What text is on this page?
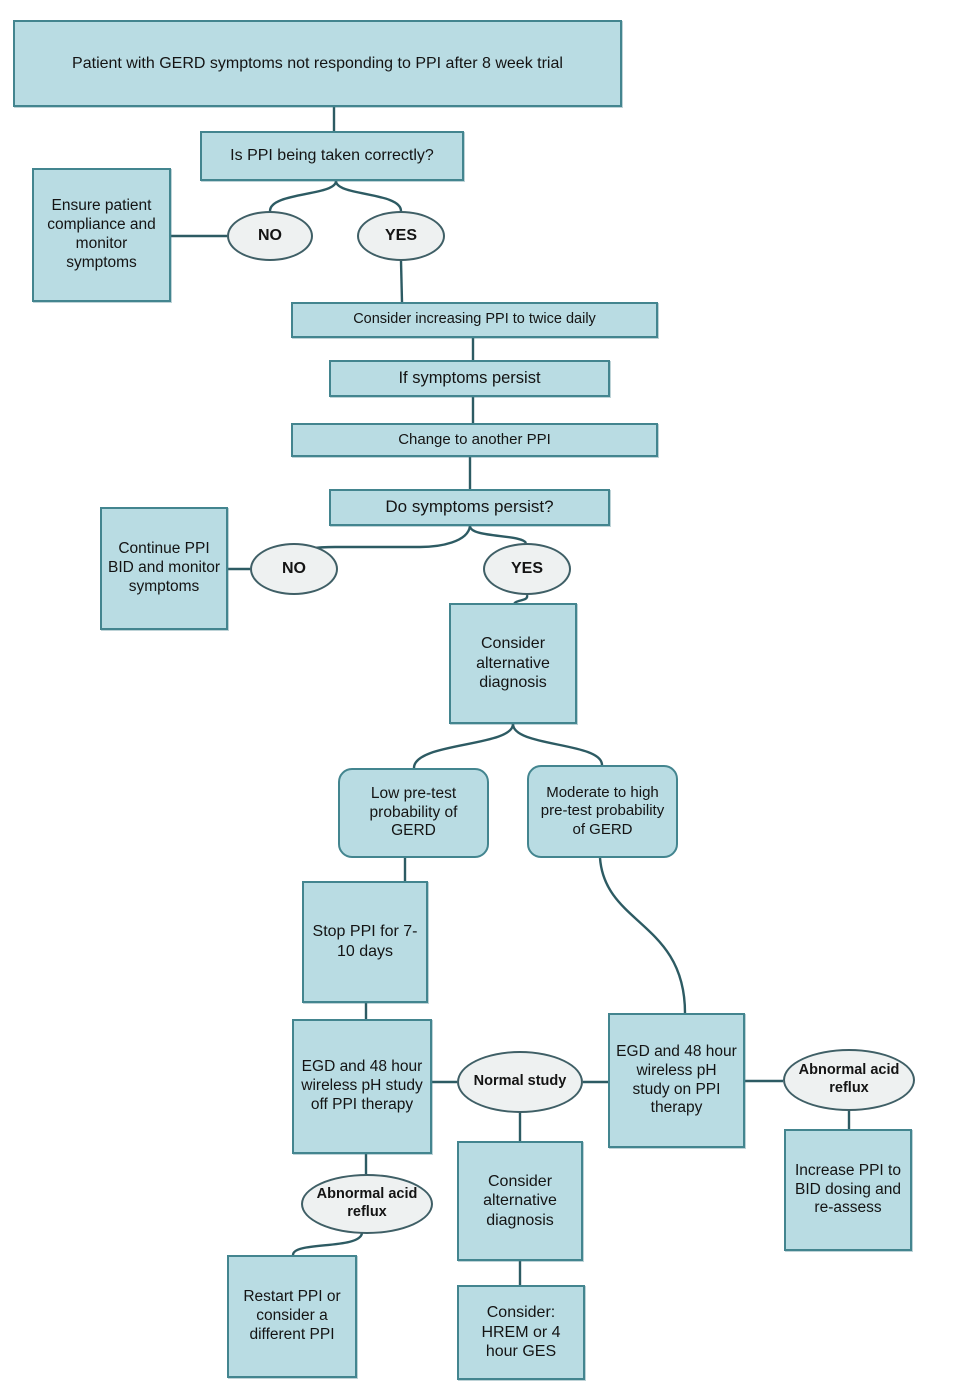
Patient with GERD symptoms not responding to PPI after 8 week trial
Is PPI being taken correctly?
Ensure patient compliance and monitor symptoms
NO	YES
Consider increasing PPI to twice daily
If symptoms persist
Change to another PPI
Do symptoms persist?
Continue PPI BID and monitor symptoms
NO	YES
Consider alternative diagnosis
Low pre-test probability of GERD
Moderate to high pre-test probability of GERD
Stop PPI for 7-10 days
EGD and 48 hour wireless pH study off PPI therapy
Normal study
EGD and 48 hour wireless pH study on PPI therapy
Abnormal acid reflux
Increase PPI to BID dosing and re-assess
Abnormal acid reflux
Restart PPI or consider a different PPI
Consider alternative diagnosis
Consider: HREM or 4 hour GES
